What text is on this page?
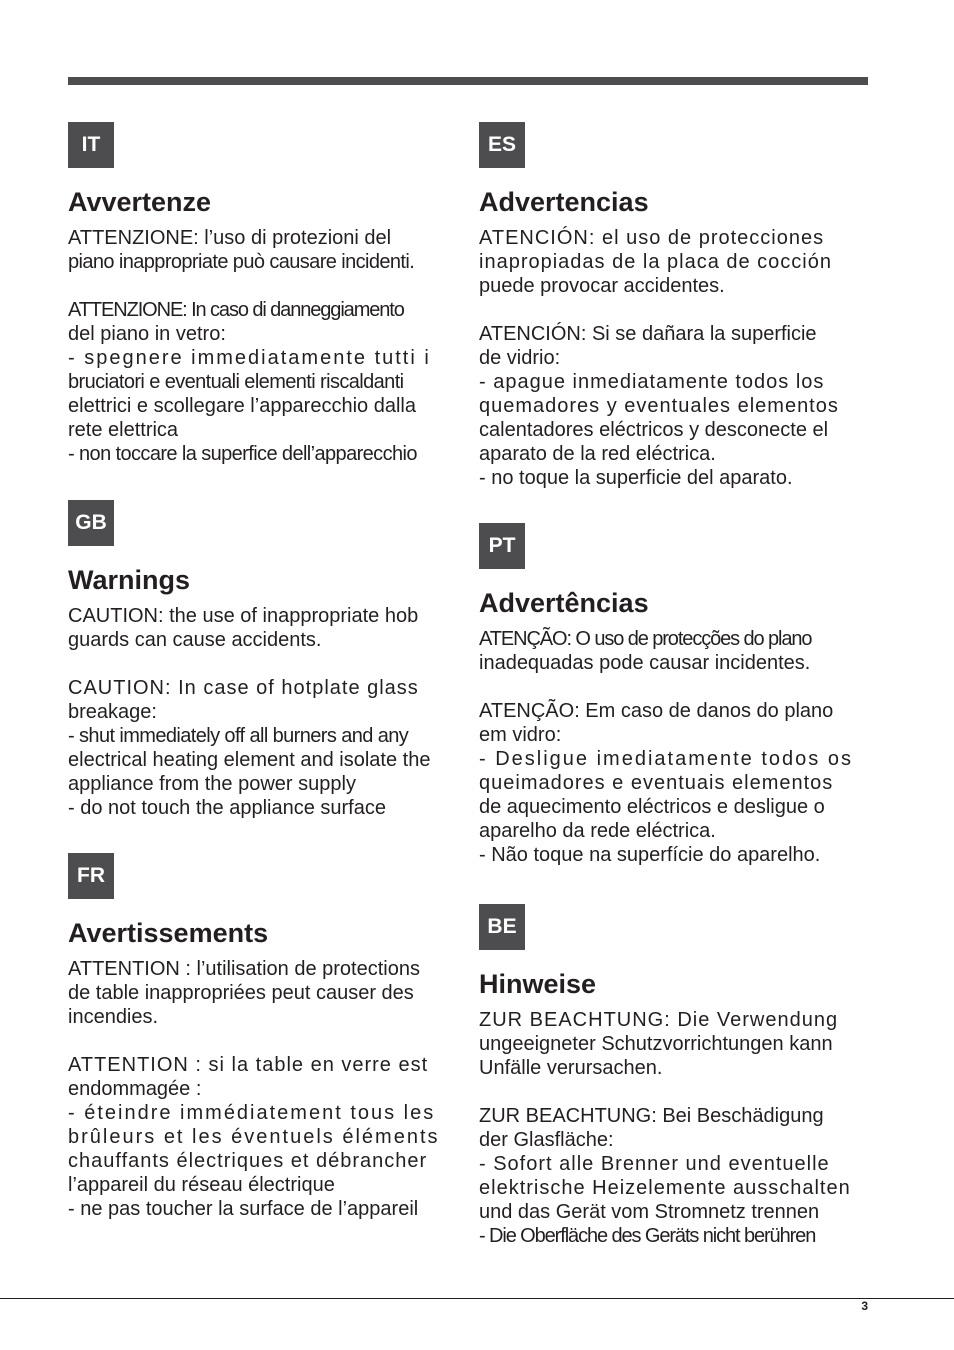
IT
Avvertenze

ATTENZIONE: l’uso di protezioni del
piano inappropriate può causare incidenti.

ATTENZIONE: In caso di danneggiamento
del piano in vetro:
- spegnere immediatamente tutti i
bruciatori e eventuali elementi riscaldanti
elettrici e scollegare l’apparecchio dalla
rete elettrica
- non toccare la superfice dell’apparecchio

GB
Warnings

CAUTION: the use of inappropriate hob
guards can cause accidents.

CAUTION: In case of hotplate glass
breakage:
- shut immediately off all burners and any
electrical heating element and isolate the
appliance from the power supply
- do not touch the appliance surface

FR
Avertissements

ATTENTION : l’utilisation de protections
de table inappropriées peut causer des
incendies.

ATTENTION : si la table en verre est
endommagée :
- éteindre immédiatement tous les
brûleurs et les éventuels éléments
chauffants électriques et débrancher
l’appareil du réseau électrique
- ne pas toucher la surface de l’appareil

ES
Advertencias

ATENCIÓN: el uso de protecciones
inapropiadas de la placa de cocción
puede provocar accidentes.

ATENCIÓN: Si se dañara la superficie
de vidrio:
- apague inmediatamente todos los
quemadores y eventuales elementos
calentadores eléctricos y desconecte el
aparato de la red eléctrica.
- no toque la superficie del aparato.

PT
Advertências

ATENÇÃO: O uso de protecções do plano
inadequadas pode causar incidentes.

ATENÇÃO: Em caso de danos do plano
em vidro:
- Desligue imediatamente todos os
queimadores e eventuais elementos
de aquecimento eléctricos e desligue o
aparelho da rede eléctrica.
- Não toque na superfície do aparelho.

BE
Hinweise

ZUR BEACHTUNG: Die Verwendung
ungeeigneter Schutzvorrichtungen kann
Unfälle verursachen.

ZUR BEACHTUNG: Bei Beschädigung
der Glasfläche:
- Sofort alle Brenner und eventuelle
elektrische Heizelemente ausschalten
und das Gerät vom Stromnetz trennen
- Die Oberfläche des Geräts nicht berühren

3
